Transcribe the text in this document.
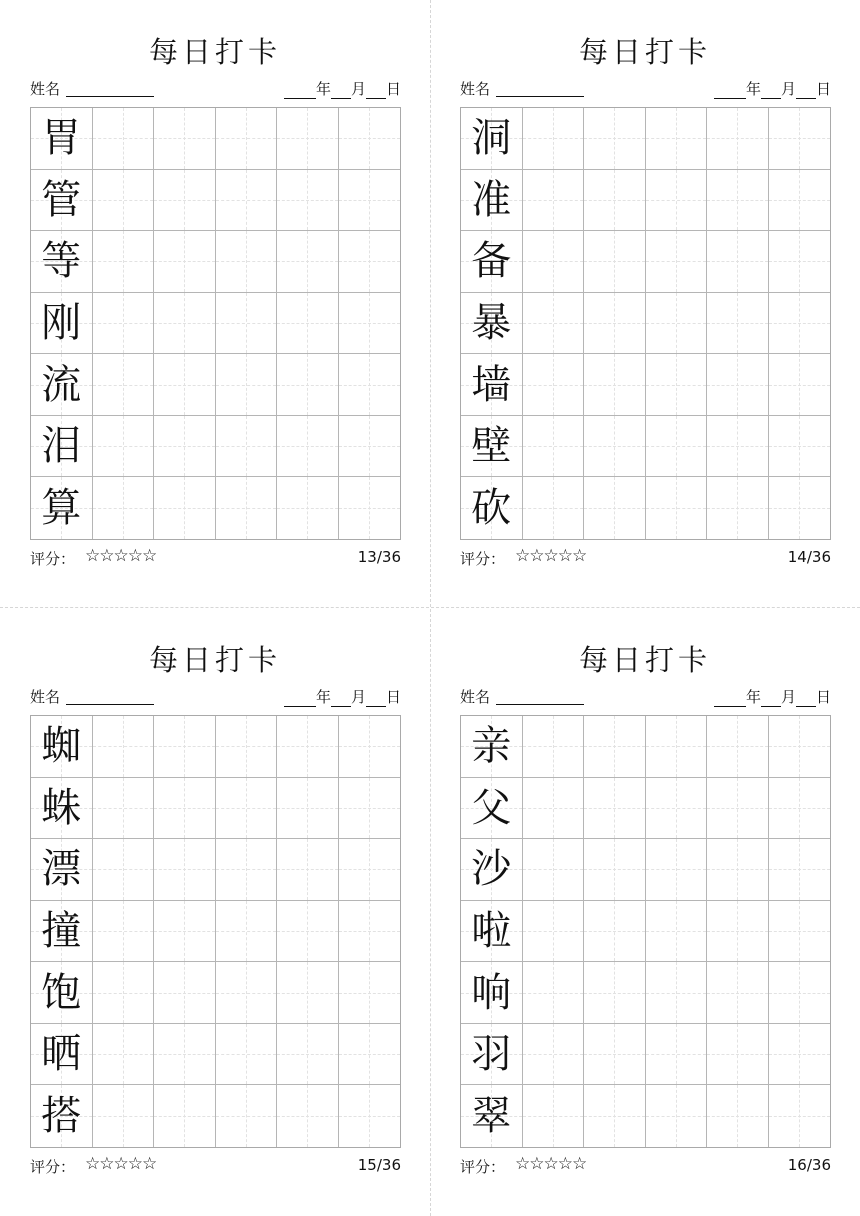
每日打卡
姓名	年 月 日
胃
管
等
刚
流
泪
算
评分： ☆☆☆☆☆	13/36
每日打卡
姓名	年 月 日
洞
准
备
暴
墙
壁
砍
评分： ☆☆☆☆☆	14/36
每日打卡
姓名	年 月 日
蜘
蛛
漂
撞
饱
晒
搭
评分： ☆☆☆☆☆	15/36
每日打卡
姓名	年 月 日
亲
父
沙
啦
响
羽
翠
评分： ☆☆☆☆☆	16/36
